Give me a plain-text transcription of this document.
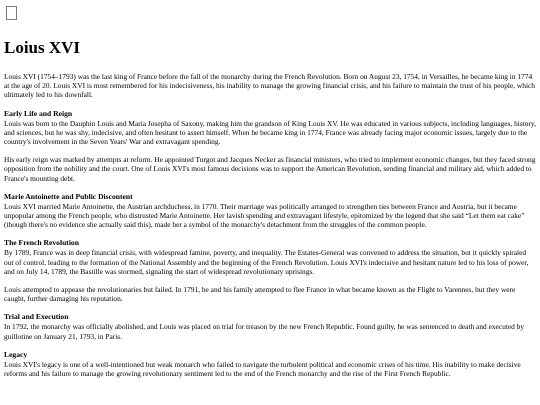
Loius XVI

Louis XVI (1754–1793) was the last king of France before the fall of the monarchy during the French Revolution. Born on August 23, 1754, in Versailles, he became king in 1774 at the age of 20. Louis XVI is most remembered for his indecisiveness, his inability to manage the growing financial crisis, and his failure to maintain the trust of his people, which ultimately led to his downfall.

Early Life and Reign

Louis was born to the Dauphin Louis and Maria Josepha of Saxony, making him the grandson of King Louis XV. He was educated in various subjects, including languages, history, and sciences, but he was shy, indecisive, and often hesitant to assert himself. When he became king in 1774, France was already facing major economic issues, largely due to the country's involvement in the Seven Years' War and extravagant spending.

His early reign was marked by attempts at reform. He appointed Turgot and Jacques Necker as financial ministers, who tried to implement economic changes, but they faced strong opposition from the nobility and the court. One of Louis XVI's most famous decisions was to support the American Revolution, sending financial and military aid, which added to France's mounting debt.

Marie Antoinette and Public Discontent

Louis XVI married Marie Antoinette, the Austrian archduchess, in 1770. Their marriage was politically arranged to strengthen ties between France and Austria, but it became unpopular among the French people, who distrusted Marie Antoinette. Her lavish spending and extravagant lifestyle, epitomized by the legend that she said “Let them eat cake” (though there's no evidence she actually said this), made her a symbol of the monarchy's detachment from the struggles of the common people.

The French Revolution

By 1789, France was in deep financial crisis, with widespread famine, poverty, and inequality. The Estates-General was convened to address the situation, but it quickly spiraled out of control, leading to the formation of the National Assembly and the beginning of the French Revolution. Louis XVI's indecisive and hesitant nature led to his loss of power, and on July 14, 1789, the Bastille was stormed, signaling the start of widespread revolutionary uprisings.

Louis attempted to appease the revolutionaries but failed. In 1791, he and his family attempted to flee France in what became known as the Flight to Varennes, but they were caught, further damaging his reputation.

Trial and Execution

In 1792, the monarchy was officially abolished, and Louis was placed on trial for treason by the new French Republic. Found guilty, he was sentenced to death and executed by guillotine on January 21, 1793, in Paris.

Legacy

Louis XVI's legacy is one of a well-intentioned but weak monarch who failed to navigate the turbulent political and economic crises of his time. His inability to make decisive reforms and his failure to manage the growing revolutionary sentiment led to the end of the French monarchy and the rise of the First French Republic.
